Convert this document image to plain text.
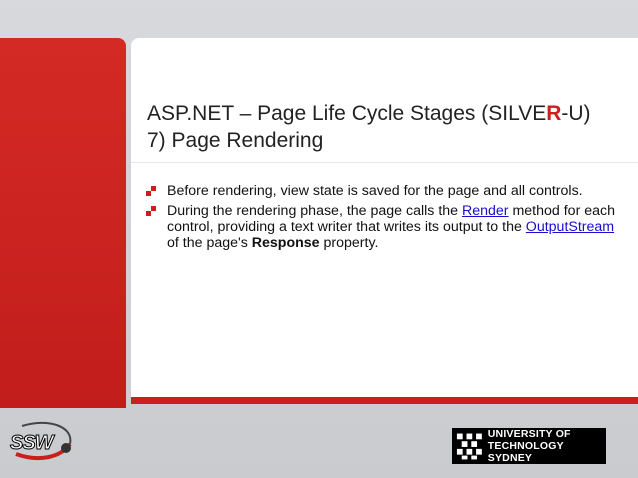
ASP.NET – Page Life Cycle Stages (SILVER-U)
7) Page Rendering
Before rendering, view state is saved for the page and all controls.
During the rendering phase, the page calls the Render method for each control, providing a text writer that writes its output to the OutputStream of the page's Response property.
SSW	UNIVERSITY OF
TECHNOLOGY SYDNEY
